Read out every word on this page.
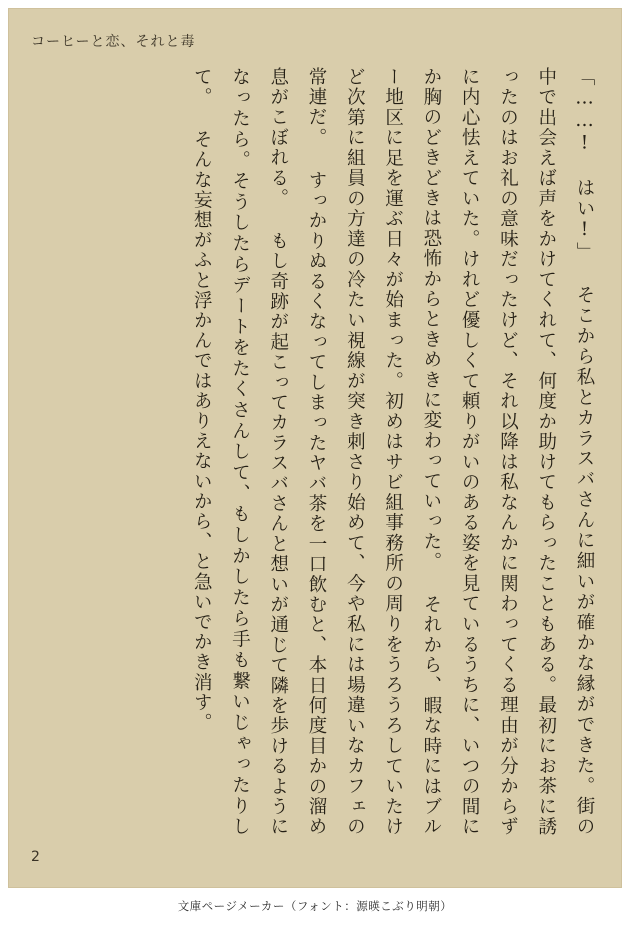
コーヒーと恋、それと毒

「……! はい!」 そこから私とカラスバさんに細いが確かな縁ができた。街の中で出会えば声をかけてくれて、何度か助けてもらったこともある。最初にお茶に誘ったのはお礼の意味だったけど、それ以降は私なんかに関わってくる理由が分からずに内心怯えていた。けれど優しくて頼りがいのある姿を見ているうちに、いつの間にか胸のどきどきは恐怖からときめきに変わっていった。 それから、暇な時にはブルー地区に足を運ぶ日々が始まった。初めはサビ組事務所の周りをうろうろしていたけど次第に組員の方達の冷たい視線が突き刺さり始めて、今や私には場違いなカフェの常連だ。 すっかりぬるくなってしまったヤバ茶を一口飲むと、本日何度目かの溜め息がこぼれる。 もし奇跡が起こってカラスバさんと想いが通じて隣を歩けるようになったら。そうしたらデートをたくさんして、もしかしたら手も繋いじゃったりして。 そんな妄想がふと浮かんではありえないから、と急いでかき消す。

2
文庫ページメーカー（フォント：源暎こぶり明朝）
